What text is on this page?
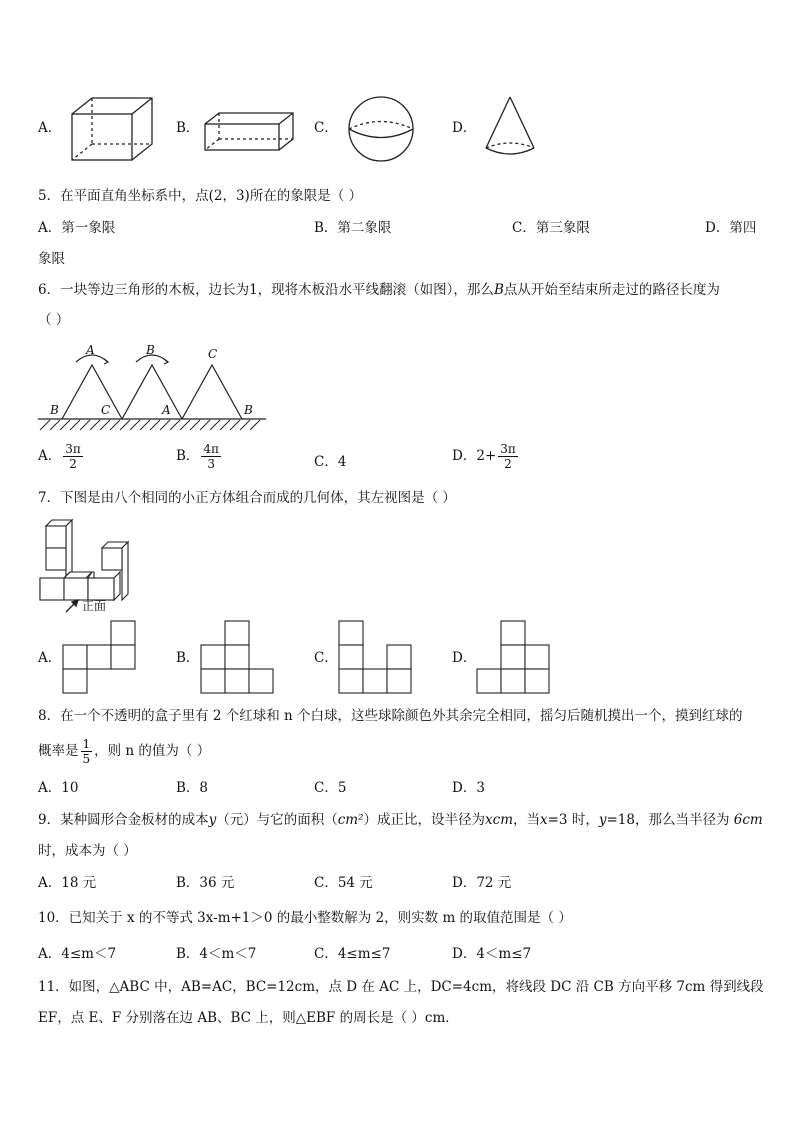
A．	B．	C．	D．
5．在平面直角坐标系中，点(2，3)所在的象限是（ ）
A．第一象限	B．第二象限	C．第三象限	D．第四
象限
6．一块等边三角形的木板，边长为1，现将木板沿水平线翻滚（如图），那么B点从开始至结束所走过的路径长度为
（ ）
A
B	C
B	C
A	B
A． $\frac{3\pi}{2}$	B． $\frac{4\pi}{3}$	C．4	D．$2+ \frac{3\pi}{2}$
7．下图是由八个相同的小正方体组合而成的几何体，其左视图是（ ）
正面
A．	B．	C．	D．
8．在一个不透明的盒子里有 2 个红球和 n 个白球，这些球除颜色外其余完全相同，摇匀后随机摸出一个，摸到红球的
概率是 $\frac{1}{5}$ ，则 n 的值为（ ）
A．10	B．8	C．5	D．3
9．某种圆形合金板材的成本y（元）与它的面积（cm²）成正比，设半径为xcm，当x=3 时，y=18，那么当半径为 6cm
时，成本为（ ）
A．18 元	B．36 元	C．54 元	D．72 元
10．已知关于 x 的不等式 3x-m+1＞0 的最小整数解为 2，则实数 m 的取值范围是（ ）
A．4≤m＜7	B．4＜m＜7	C．4≤m≤7	D．4＜m≤7
11．如图，△ABC 中，AB=AC，BC=12cm，点 D 在 AC 上，DC=4cm，将线段 DC 沿 CB 方向平移 7cm 得到线段
EF，点 E、F 分别落在边 AB、BC 上，则△EBF 的周长是（ ）cm．
